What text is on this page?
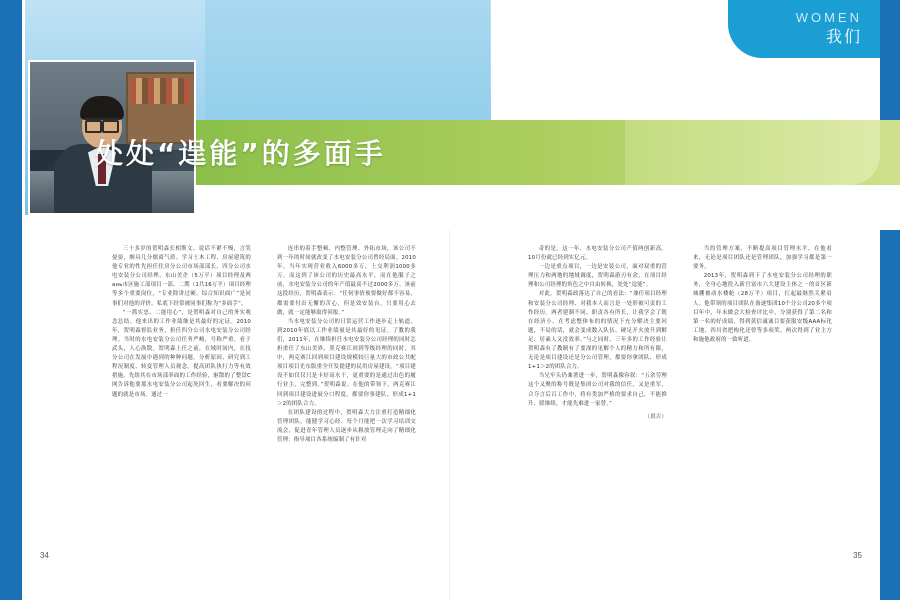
WOMEN
我们
处处“逞能”的多面手

三十多岁的贺明森长相斯文、说话不紧不慢，言笑晏晏，颇具几分儒商气质。学习土木工程、房屋建筑的他专业的性先担任住房分公司市场部部长、四分公司水电安装分公司经理、东山美企（5万平）项目经理及两ань市区施工部项目一部、二期（1共16万平）项目经理等多个重要岗位，“专业除讲过硬、综合知识面广”是同事们对他的评价，私底下经常被同事们称为“多面手”。

“一抓实忠，二能用心”，是贺明森对自己的务实观念总结。他来出的工作业绩继是其最好的定证。2010年，贺明森督监业务，担任四分公司水电安装分公司经理。当时的水电安装分公司任务严峻，号称严重。看于武头，人心涣散。贺明森上任之前，在域时间内，在技分公司在发展中遇到的种种问题。分析原因、研究到工程况制度、转变管理人员观念。提高团队执行力等有效措施，先组其在市场部率面的工作经验，驱散的了整盘C网告诉他要那水电安装分公司起死回生，看要解决的问题的就是市场。通过一

连串的着手整顿、内整管理、外拓市场，该公司不到一年的时间就改变了水电安装分公司曾经局面。2010年，当年实现营业收入6000多万，上交利润1000多万。而这到了该公司的历史最高水平，而在他服子之前，水电安装分公司的年产值最高不过2000多万。该前这段经历，贺明森表示：“任何事情预要做好都不容易，都需要付出无懈的苦心，但是效安装台，只要用心去做，就一定能够取得回报。”

当水电安装分公司的日常运营工作逐步走上轨道，到2010年底以工作业绩量是其最好的见证。了教的我们，2011年，在继续担任水电安装分公司经理的同时怎担重任了东山美界、黑克赛江回到等级经理的同时，其中，两克赛江回到项目建设规模较巨量大的市政公共配项目项目光东版重全开发提建的民用房屋建设。“项目建设不如仅仅只是卡好高水干，更重要的是通过出色的履行业主，完整到。”贺明森说。在他的带领下，两克赛江回到项目建设进展分口程度，都要你事建队、形成1+1＞2的团队合力。

在团队建设的过程中，贺明森大力注重打造精细化管理团队。能健学习心经、每个月能把一次学习培训交流会，促进青年管理人员逐步从粗放管理走向了精细化管理：指导项目各系统编制了有针对

奇的是，这一年、水电安装分公司产值两创新高。10月份就已经到实亿元。

一边是重点项目，一边是安装公司，面对双重的管理压力和两地的地域调度，贺明森游刃有余，在项目经理和公司经理的角色之中自由转换，处处“逞能”。

对此，贺明森政落达了自己的看法：“兼任项目经理和安装分公司经理、对我本人而言是一处形被可责的工作经历。两者建制不同、职责各有所长，让我学会了既在经济小、在考虑整体布的的情况下充分解决主要问题，不局的话，就会变成数入队伍、硬足开火放升到解足、居素人又没效率。”与之同时、三年多的工作经验让贺明森有了教制有了要深的见解个人的精力和所有限，无论是项目建设还是分公司管理，都要你拿团队、形成1+1＞2的团队合力。

当兄牢头仍兼著进一步，贺明森像容叙：“五余劳理这个又聚的称号既是集团公司对我的信任，又是重军，合夺言后百工作中，将有类加严格的要求自己，不能推升、联继续，才能先难进一家替。”

（晨吉）

当的管理方案，不断提高项目管理水平，在他看来，无论是项目团队还是管理团队，加强学习都是第一要务。

2013年，贺明森到下了水电安装分公司经理的职务，全身心地投入新官富市六大建设主体之一的首区新城棚被动水楼舱（28万平）项目，扛起最继然关紧肩人。他带领的项目团队在备逐集团10个分公司20多个项目年中、年末做会大检查评比中，分别获得了第二名和第一名的好成绩，得到黄信诚诚目要获服安级AAA标化工地，四川省把构化还曾等多项奖。两次得到了业主方和施他政府的一致听道。

34	35
